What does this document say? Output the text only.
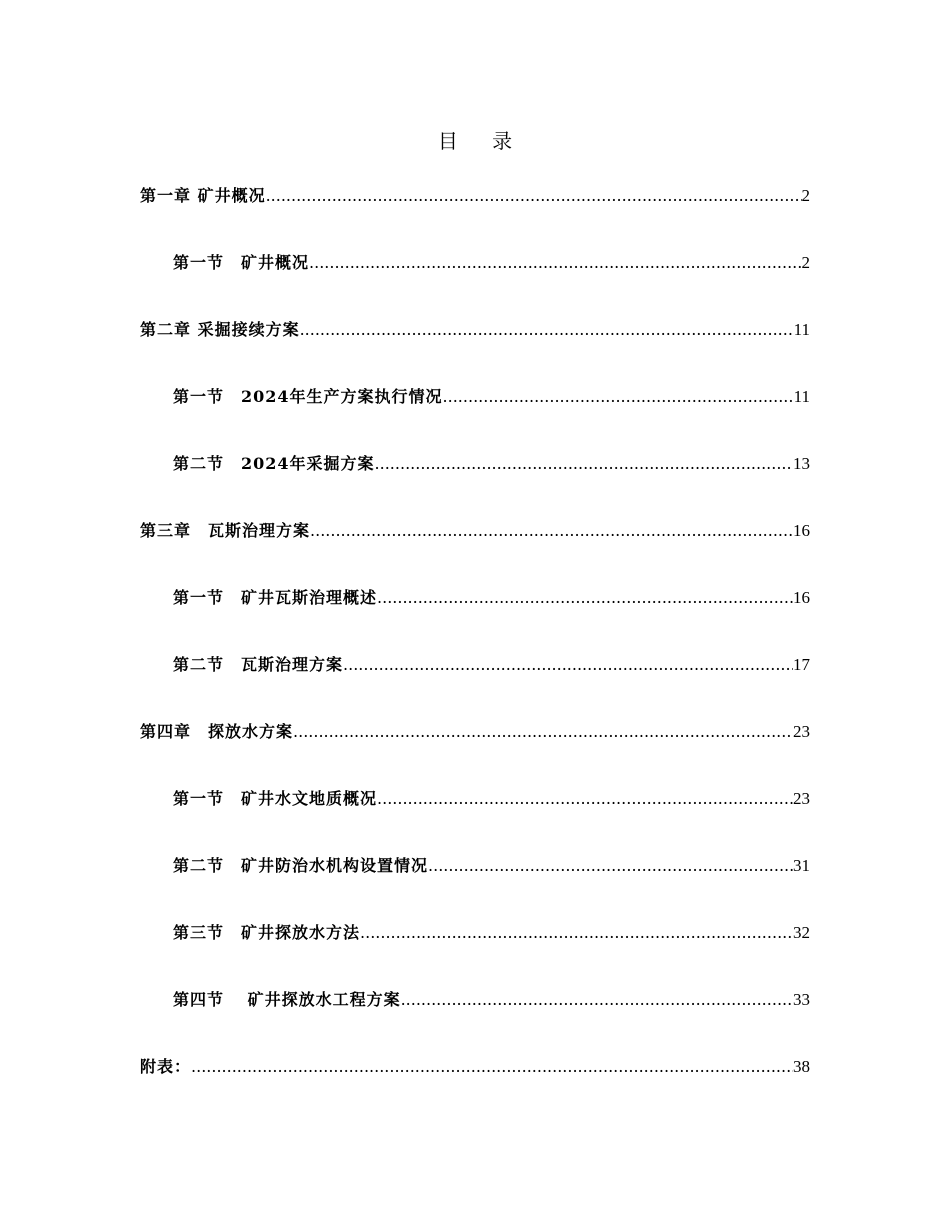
目 录
第一章 矿井概况 .....	2
第一节　矿井概况 .....	2
第二章 采掘接续方案 .....	11
第一节　2024年生产方案执行情况 .....	11
第二节　2024年采掘方案 .....	13
第三章　瓦斯治理方案 .....	16
第一节　矿井瓦斯治理概述 .....	16
第二节　瓦斯治理方案 .....	17
第四章　探放水方案 .....	23
第一节　矿井水文地质概况 .....	23
第二节　矿井防治水机构设置情况 .....	31
第三节　矿井探放水方法 .....	32
第四节　 矿井探放水工程方案 .....	33
附表： .....	38
